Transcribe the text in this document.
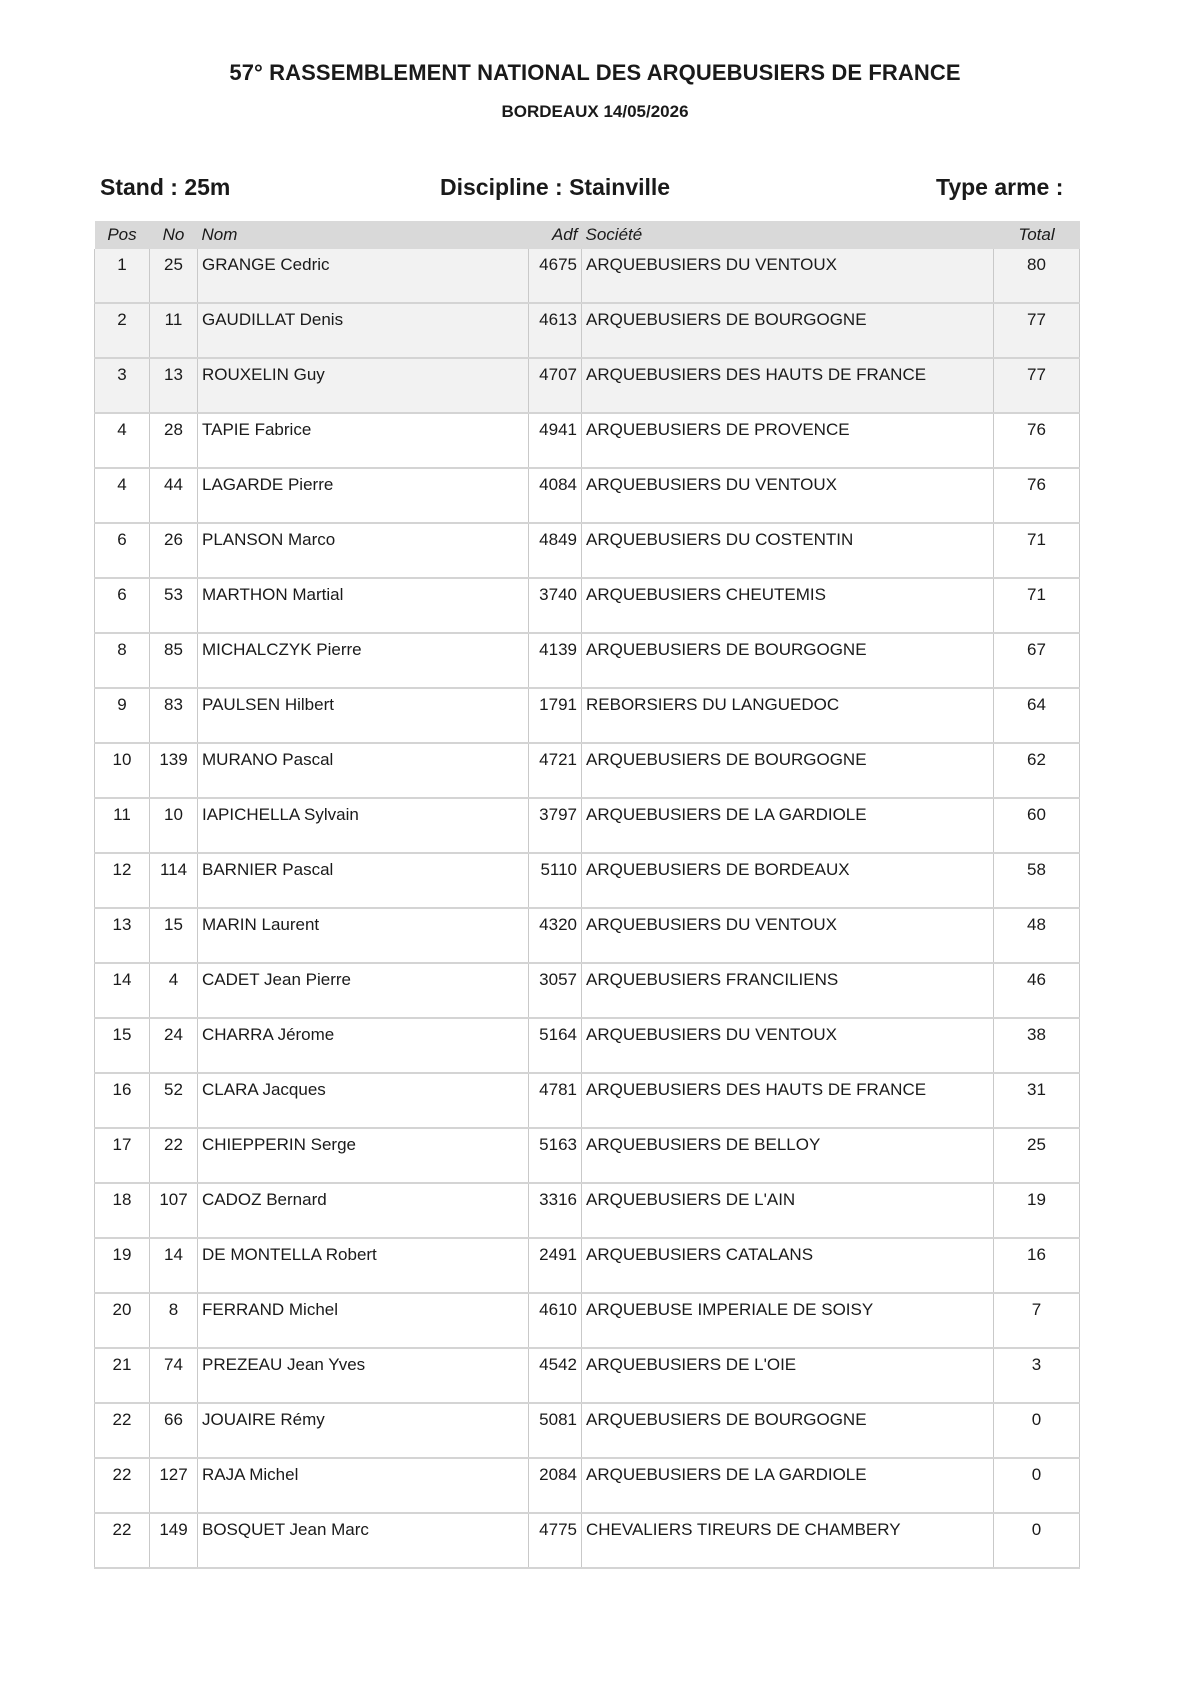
57° RASSEMBLEMENT NATIONAL DES ARQUEBUSIERS DE FRANCE
BORDEAUX 14/05/2026
Stand : 25m	Discipline : Stainville	Type arme :
Pos	No	Nom	Adf	Société	Total
1	25	GRANGE Cedric	4675	ARQUEBUSIERS DU VENTOUX	80
2	11	GAUDILLAT Denis	4613	ARQUEBUSIERS DE BOURGOGNE	77
3	13	ROUXELIN Guy	4707	ARQUEBUSIERS DES HAUTS DE FRANCE	77
4	28	TAPIE Fabrice	4941	ARQUEBUSIERS DE PROVENCE	76
4	44	LAGARDE Pierre	4084	ARQUEBUSIERS DU VENTOUX	76
6	26	PLANSON Marco	4849	ARQUEBUSIERS DU COSTENTIN	71
6	53	MARTHON Martial	3740	ARQUEBUSIERS CHEUTEMIS	71
8	85	MICHALCZYK Pierre	4139	ARQUEBUSIERS DE BOURGOGNE	67
9	83	PAULSEN Hilbert	1791	REBORSIERS DU LANGUEDOC	64
10	139	MURANO Pascal	4721	ARQUEBUSIERS DE BOURGOGNE	62
11	10	IAPICHELLA Sylvain	3797	ARQUEBUSIERS DE LA GARDIOLE	60
12	114	BARNIER Pascal	5110	ARQUEBUSIERS DE BORDEAUX	58
13	15	MARIN Laurent	4320	ARQUEBUSIERS DU VENTOUX	48
14	4	CADET Jean Pierre	3057	ARQUEBUSIERS FRANCILIENS	46
15	24	CHARRA Jérome	5164	ARQUEBUSIERS DU VENTOUX	38
16	52	CLARA Jacques	4781	ARQUEBUSIERS DES HAUTS DE FRANCE	31
17	22	CHIEPPERIN Serge	5163	ARQUEBUSIERS DE BELLOY	25
18	107	CADOZ Bernard	3316	ARQUEBUSIERS DE L'AIN	19
19	14	DE MONTELLA Robert	2491	ARQUEBUSIERS CATALANS	16
20	8	FERRAND Michel	4610	ARQUEBUSE IMPERIALE DE SOISY	7
21	74	PREZEAU Jean Yves	4542	ARQUEBUSIERS DE L'OIE	3
22	66	JOUAIRE Rémy	5081	ARQUEBUSIERS DE BOURGOGNE	0
22	127	RAJA Michel	2084	ARQUEBUSIERS DE LA GARDIOLE	0
22	149	BOSQUET Jean Marc	4775	CHEVALIERS TIREURS DE CHAMBERY	0
